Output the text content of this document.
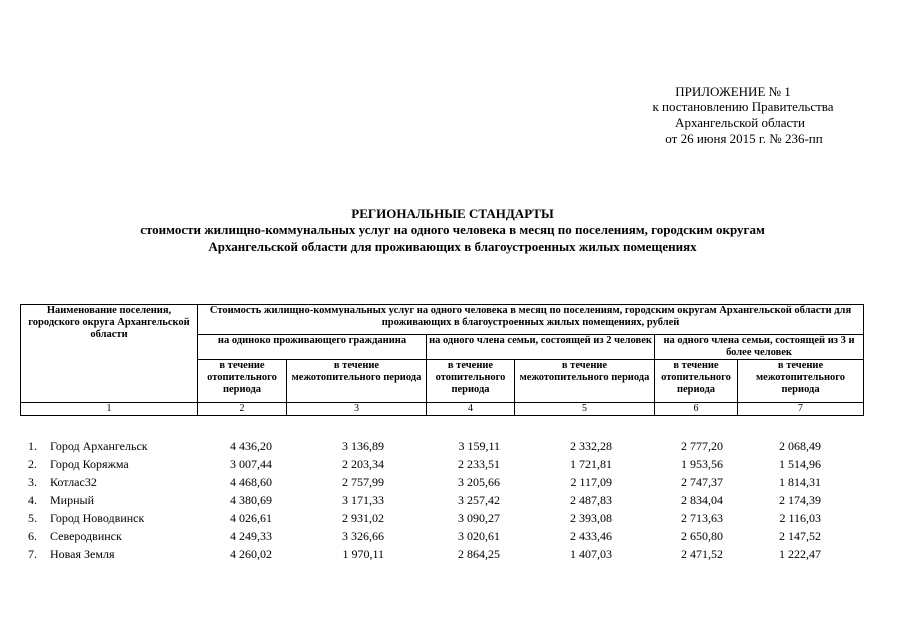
ПРИЛОЖЕНИЕ № 1
к постановлению Правительства
Архангельской области
от 26 июня 2015 г. № 236-пп
РЕГИОНАЛЬНЫЕ СТАНДАРТЫ
стоимости жилищно-коммунальных услуг на одного человека в месяц по поселениям, городским округам
Архангельской области для проживающих в благоустроенных жилых помещениях
Наименование поселения, городского округа Архангельской области	Стоимость жилищно-коммунальных услуг на одного человека в месяц по поселениям, городским округам Архангельской области для проживающих в благоустроенных жилых помещениях, рублей					
	на одиноко проживающего гражданина		на одного члена семьи, состоящей из 2 человек		на одного члена семьи, состоящей из 3 и более человек	
	в течение отопительного периода	в течение межотопительного периода	в течение отопительного периода	в течение межотопительного периода	в течение отопительного периода	в течение межотопительного периода
1	2	3	4	5	6	7
1.	Город Архангельск	4 436,20	3 136,89	3 159,11	2 332,28	2 777,20	2 068,49
2.	Город Коряжма	3 007,44	2 203,34	2 233,51	1 721,81	1 953,56	1 514,96
3.	Котлас32	4 468,60	2 757,99	3 205,66	2 117,09	2 747,37	1 814,31
4.	Мирный	4 380,69	3 171,33	3 257,42	2 487,83	2 834,04	2 174,39
5.	Город Новодвинск	4 026,61	2 931,02	3 090,27	2 393,08	2 713,63	2 116,03
6.	Северодвинск	4 249,33	3 326,66	3 020,61	2 433,46	2 650,80	2 147,52
7.	Новая Земля	4 260,02	1 970,11	2 864,25	1 407,03	2 471,52	1 222,47
